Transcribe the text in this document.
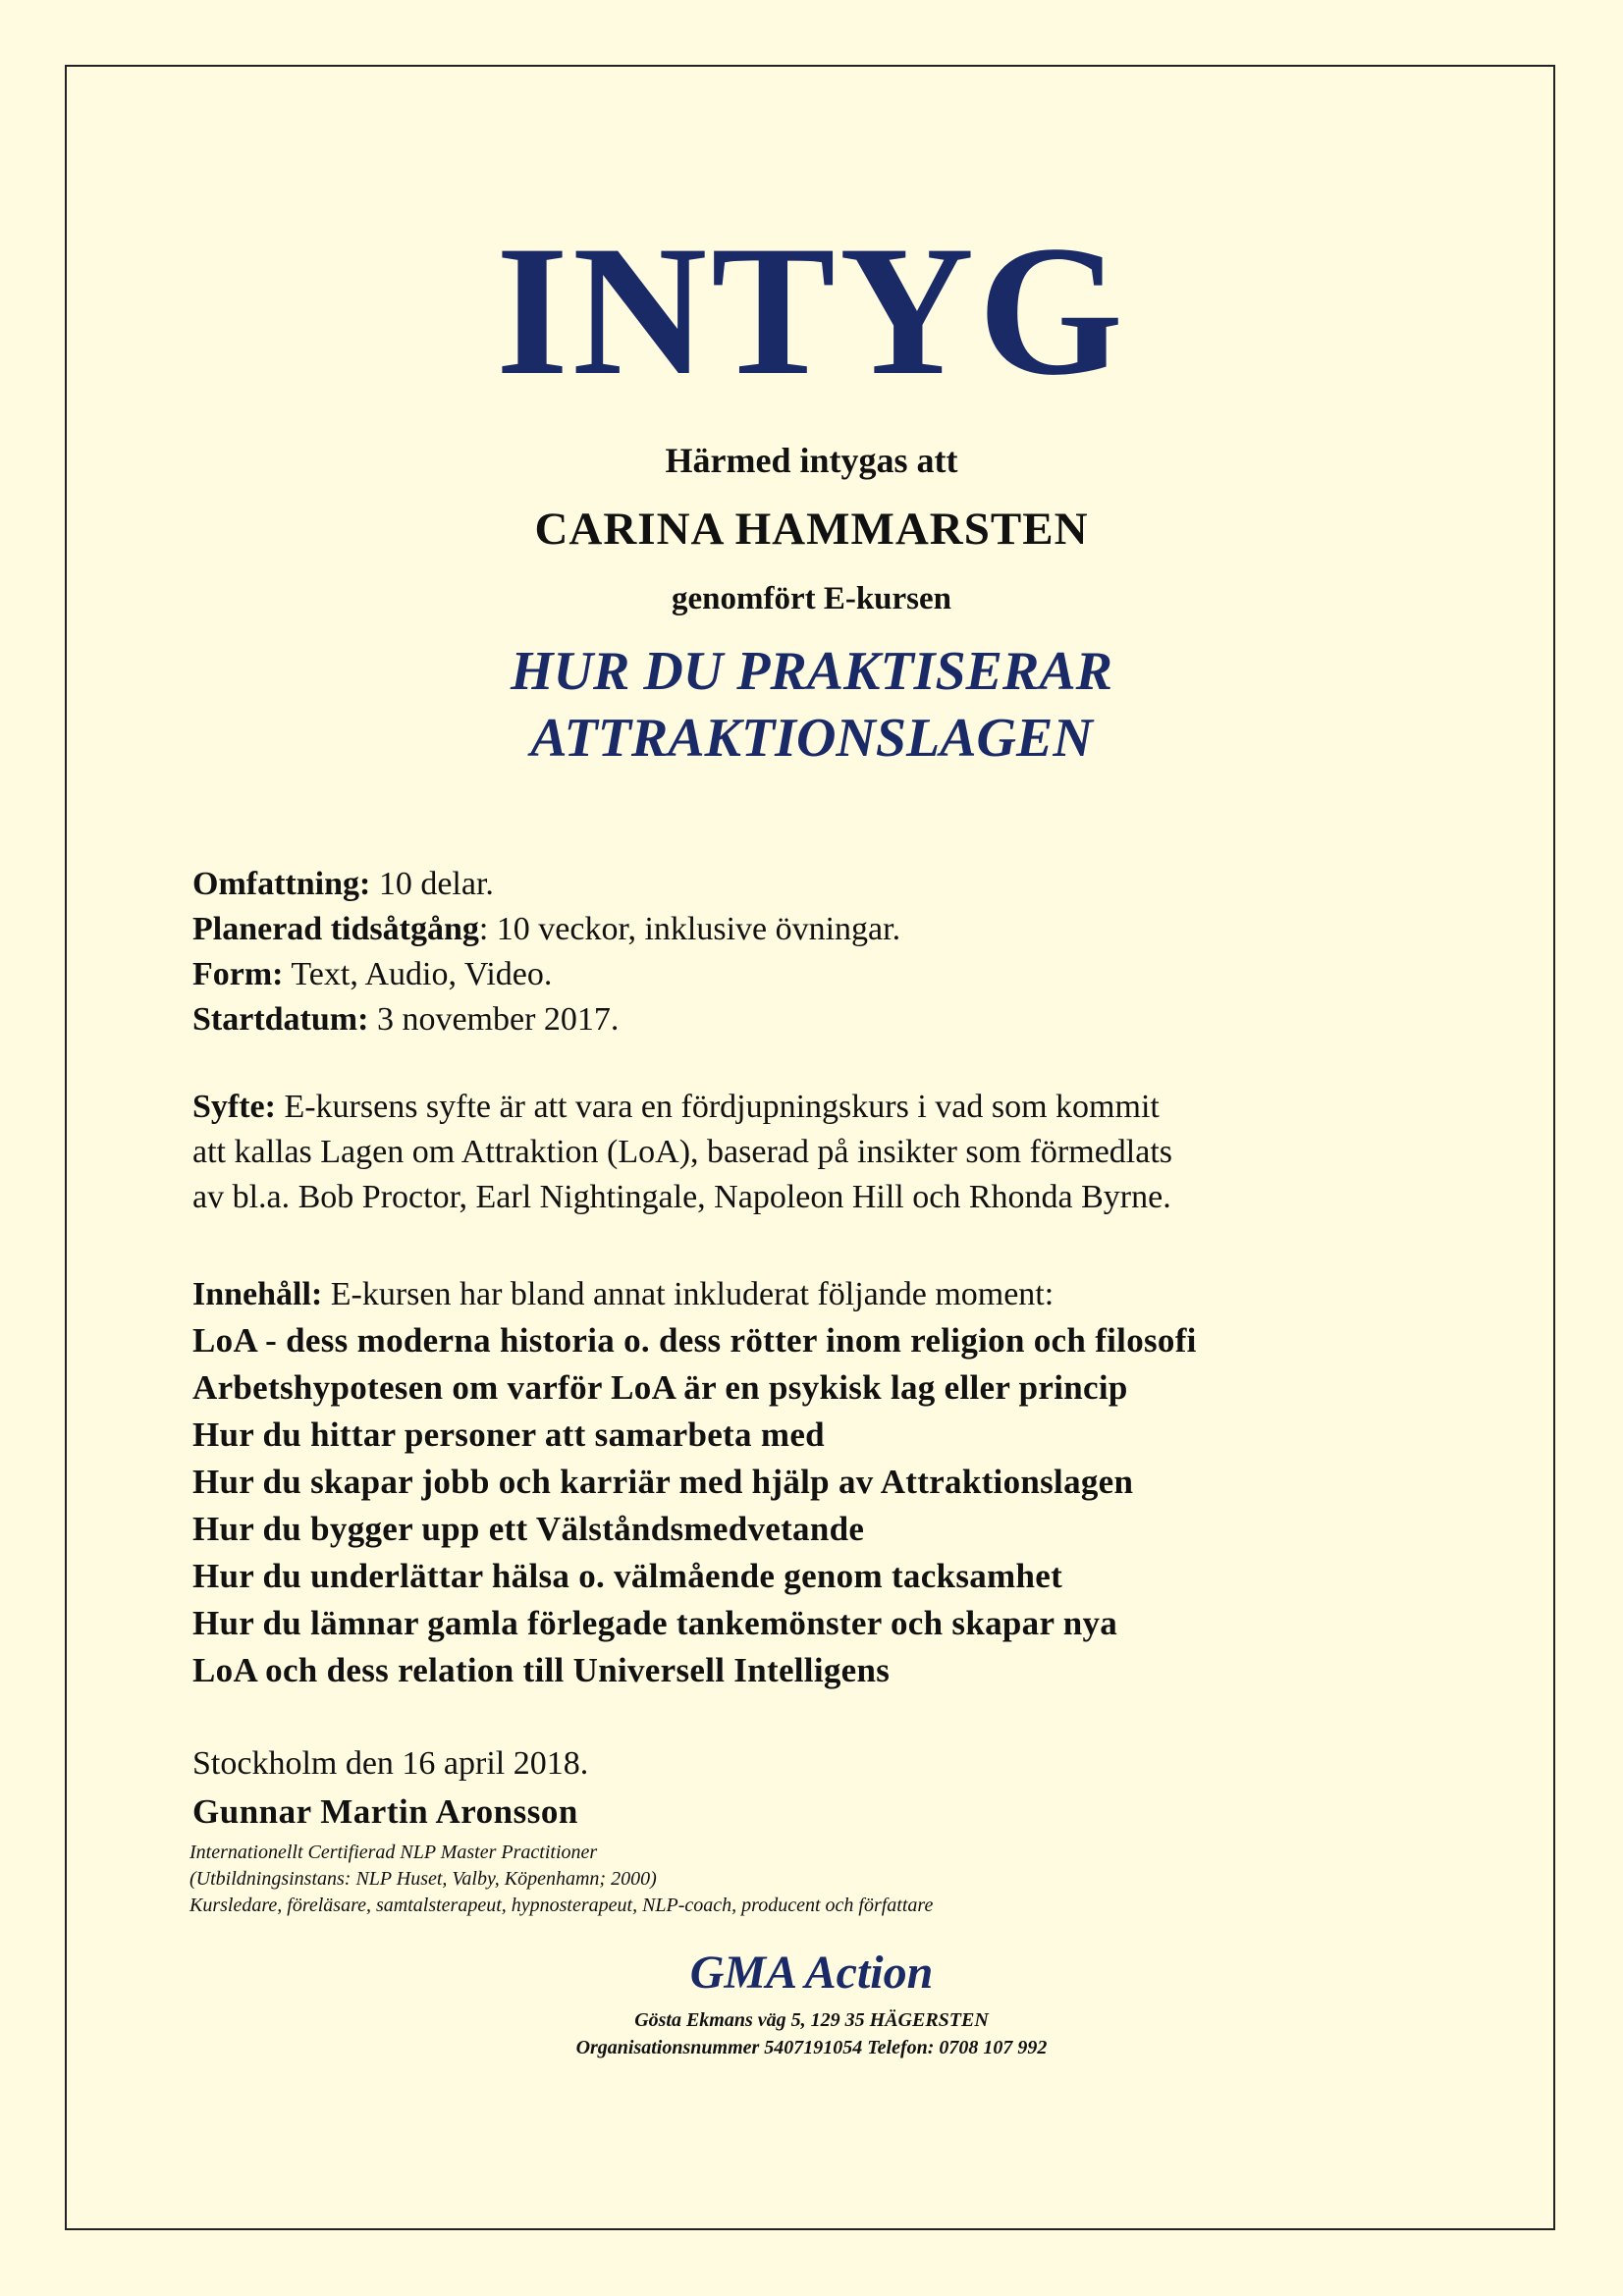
INTYG
Härmed intygas att
CARINA HAMMARSTEN
genomfört E-kursen
HUR DU PRAKTISERAR
ATTRAKTIONSLAGEN
Omfattning: 10 delar.
Planerad tidsåtgång: 10 veckor, inklusive övningar.
Form: Text, Audio, Video.
Startdatum: 3 november 2017.
Syfte: E-kursens syfte är att vara en fördjupningskurs i vad som kommit
att kallas Lagen om Attraktion (LoA), baserad på insikter som förmedlats
av bl.a. Bob Proctor, Earl Nightingale, Napoleon Hill och Rhonda Byrne.
Innehåll: E-kursen har bland annat inkluderat följande moment:
LoA - dess moderna historia o. dess rötter inom religion och filosofi
Arbetshypotesen om varför LoA är en psykisk lag eller princip
Hur du hittar personer att samarbeta med
Hur du skapar jobb och karriär med hjälp av Attraktionslagen
Hur du bygger upp ett Välståndsmedvetande
Hur du underlättar hälsa o. välmående genom tacksamhet
Hur du lämnar gamla förlegade tankemönster och skapar nya
LoA och dess relation till Universell Intelligens
Stockholm den 16 april 2018.
Gunnar Martin Aronsson
Internationellt Certifierad NLP Master Practitioner
(Utbildningsinstans: NLP Huset, Valby, Köpenhamn; 2000)
Kursledare, föreläsare, samtalsterapeut, hypnosterapeut, NLP-coach, producent och författare
GMA Action
Gösta Ekmans väg 5, 129 35 HÄGERSTEN
Organisationsnummer 5407191054 Telefon: 0708 107 992
